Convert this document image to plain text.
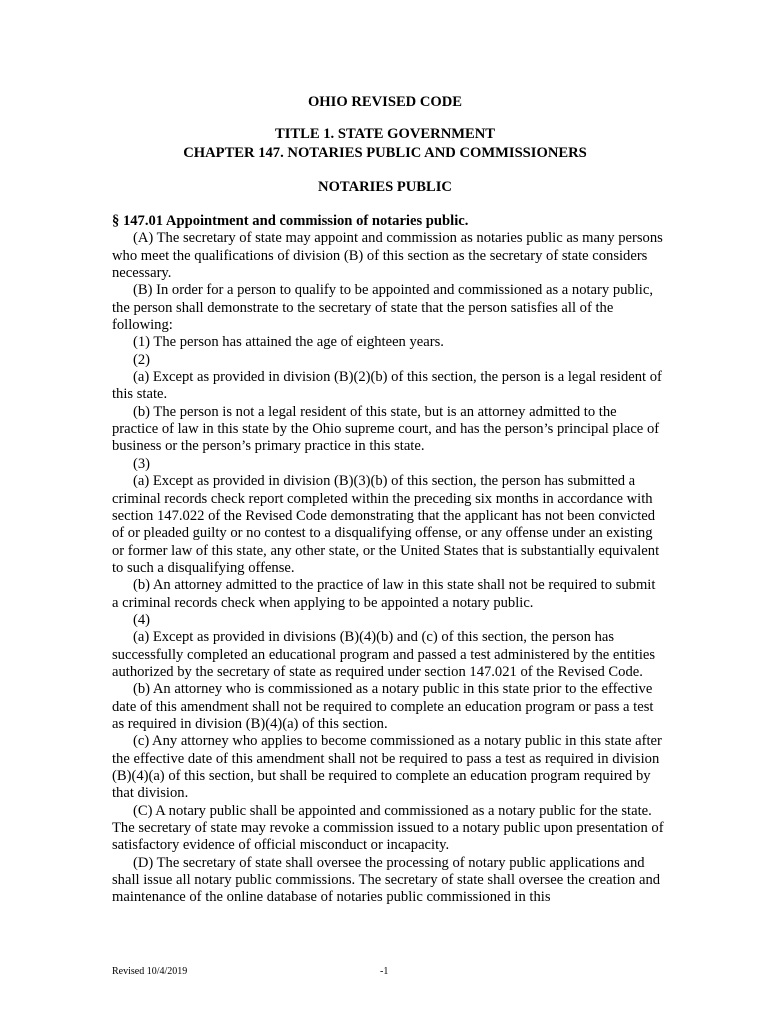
OHIO REVISED CODE
TITLE 1. STATE GOVERNMENT
CHAPTER 147. NOTARIES PUBLIC AND COMMISSIONERS
NOTARIES PUBLIC
§ 147.01 Appointment and commission of notaries public.

(A) The secretary of state may appoint and commission as notaries public as many persons who meet the qualifications of division (B) of this section as the secretary of state considers necessary.

(B) In order for a person to qualify to be appointed and commissioned as a notary public, the person shall demonstrate to the secretary of state that the person satisfies all of the following:

(1) The person has attained the age of eighteen years.

(2)

(a) Except as provided in division (B)(2)(b) of this section, the person is a legal resident of this state.

(b) The person is not a legal resident of this state, but is an attorney admitted to the practice of law in this state by the Ohio supreme court, and has the person’s principal place of business or the person’s primary practice in this state.

(3)

(a) Except as provided in division (B)(3)(b) of this section, the person has submitted a criminal records check report completed within the preceding six months in accordance with section 147.022 of the Revised Code demonstrating that the applicant has not been convicted of or pleaded guilty or no contest to a disqualifying offense, or any offense under an existing or former law of this state, any other state, or the United States that is substantially equivalent to such a disqualifying offense.

(b) An attorney admitted to the practice of law in this state shall not be required to submit a criminal records check when applying to be appointed a notary public.

(4)

(a) Except as provided in divisions (B)(4)(b) and (c) of this section, the person has successfully completed an educational program and passed a test administered by the entities authorized by the secretary of state as required under section 147.021 of the Revised Code.

(b) An attorney who is commissioned as a notary public in this state prior to the effective date of this amendment shall not be required to complete an education program or pass a test as required in division (B)(4)(a) of this section.

(c) Any attorney who applies to become commissioned as a notary public in this state after the effective date of this amendment shall not be required to pass a test as required in division (B)(4)(a) of this section, but shall be required to complete an education program required by that division.

(C) A notary public shall be appointed and commissioned as a notary public for the state. The secretary of state may revoke a commission issued to a notary public upon presentation of satisfactory evidence of official misconduct or incapacity.

(D) The secretary of state shall oversee the processing of notary public applications and shall issue all notary public commissions. The secretary of state shall oversee the creation and maintenance of the online database of notaries public commissioned in this

Revised 10/4/2019	-1
